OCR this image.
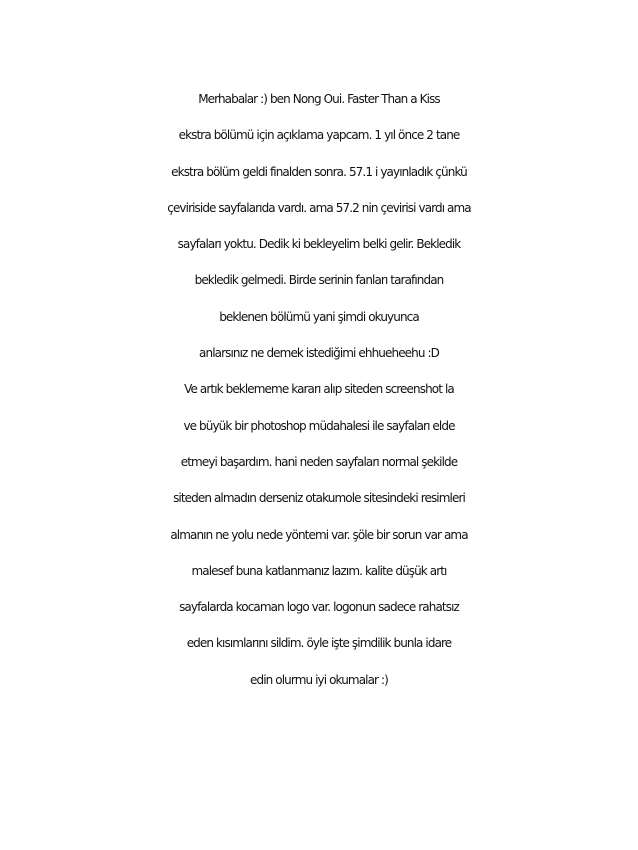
Merhabalar :) ben Nong Oui. Faster Than a Kiss
ekstra bölümü için açıklama yapcam. 1 yıl önce 2 tane
ekstra bölüm geldi finalden sonra. 57.1 i yayınladık çünkü
çeviriside sayfalarıda vardı. ama 57.2 nin çevirisi vardı ama
sayfaları yoktu. Dedik ki bekleyelim belki gelir. Bekledik
bekledik gelmedi. Birde serinin fanları tarafından
beklenen bölümü yani şimdi okuyunca
anlarsınız ne demek istediğimi ehhueheehu :D
Ve artık beklememe kararı alıp siteden screenshot la
ve büyük bir photoshop müdahalesi ile sayfaları elde
etmeyi başardım. hani neden sayfaları normal şekilde
siteden almadın derseniz otakumole sitesindeki resimleri
almanın ne yolu nede yöntemi var. şöle bir sorun var ama
malesef buna katlanmanız lazım. kalite düşük artı
sayfalarda kocaman logo var. logonun sadece rahatsız
eden kısımlarını sildim. öyle işte şimdilik bunla idare
edin olurmu iyi okumalar :)
